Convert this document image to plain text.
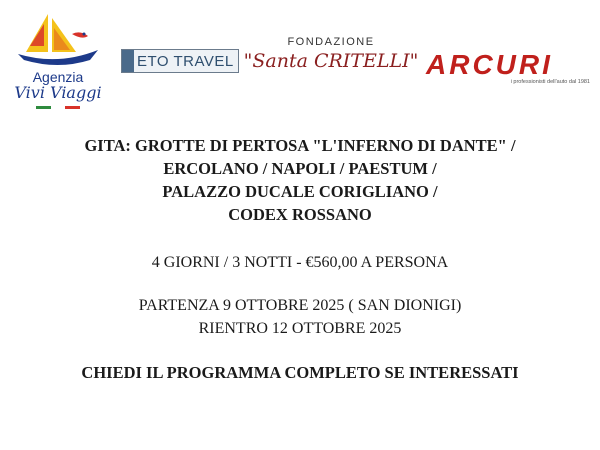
Agenzia
Vivi Viaggi
ETO TRAVEL
FONDAZIONE
"Santa CRITELLI" ARCURI
i professionisti dell'auto dal 1981
GITA: GROTTE DI PERTOSA "L'INFERNO DI DANTE" /
ERCOLANO / NAPOLI / PAESTUM /
PALAZZO DUCALE CORIGLIANO /
CODEX ROSSANO
4 GIORNI / 3 NOTTI - €560,00 A PERSONA
PARTENZA 9 OTTOBRE 2025 ( SAN DIONIGI)
RIENTRO 12 OTTOBRE 2025
CHIEDI IL PROGRAMMA COMPLETO SE INTERESSATI
